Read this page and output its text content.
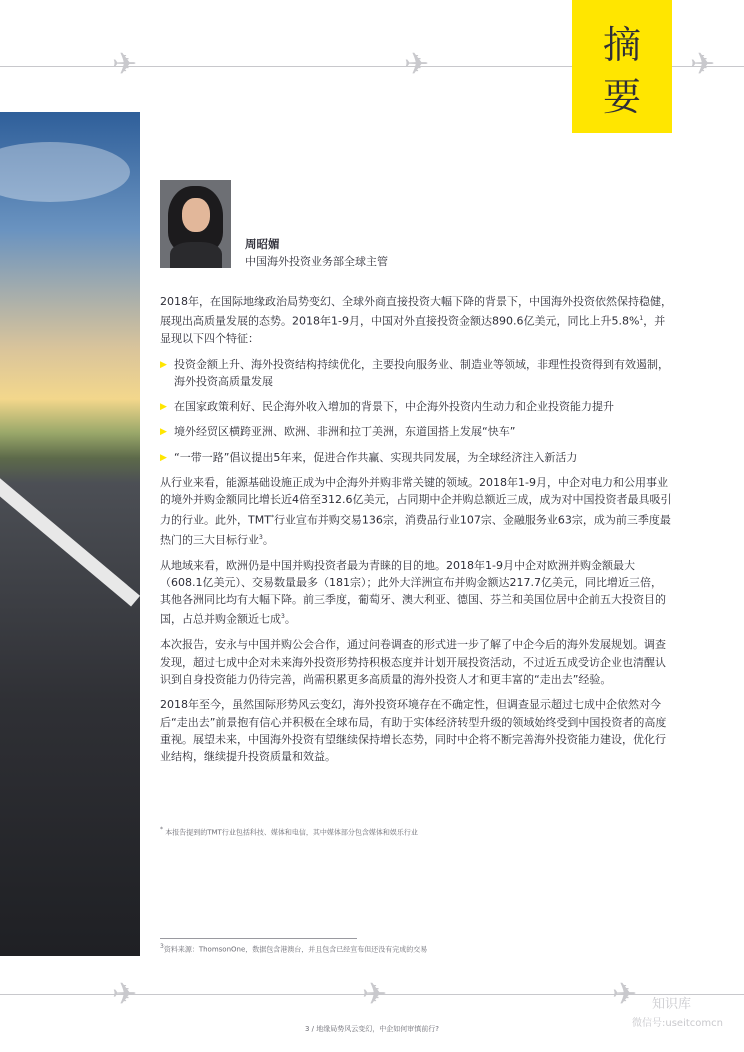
✈	✈	✈
摘
要
周昭媚
中国海外投资业务部全球主管

2018年，在国际地缘政治局势变幻、全球外商直接投资大幅下降的背景下，中国海外投资依然保持稳健，展现出高质量发展的态势。2018年1-9月，中国对外直接投资金额达890.6亿美元，同比上升5.8%$^1$，并显现以下四个特征：

▶ 投资金额上升、海外投资结构持续优化，主要投向服务业、制造业等领域，非理性投资得到有效遏制，海外投资高质量发展
▶ 在国家政策利好、民企海外收入增加的背景下，中企海外投资内生动力和企业投资能力提升
▶ 境外经贸区横跨亚洲、欧洲、非洲和拉丁美洲，东道国搭上发展“快车”
▶ “一带一路”倡议提出5年来，促进合作共赢、实现共同发展，为全球经济注入新活力

从行业来看，能源基础设施正成为中企海外并购非常关键的领域。2018年1-9月，中企对电力和公用事业的境外并购金额同比增长近4倍至312.6亿美元，占同期中企并购总额近三成，成为对中国投资者最具吸引力的行业。此外，TMT*行业宣布并购交易136宗，消费品行业107宗、金融服务业63宗，成为前三季度最热门的三大目标行业$^3$。

从地域来看，欧洲仍是中国并购投资者最为青睐的目的地。2018年1-9月中企对欧洲并购金额最大（608.1亿美元）、交易数量最多（181宗）；此外大洋洲宣布并购金额达217.7亿美元，同比增近三倍，其他各洲同比均有大幅下降。前三季度，葡萄牙、澳大利亚、德国、芬兰和美国位居中企前五大投资目的国，占总并购金额近七成$^3$。

本次报告，安永与中国并购公会合作，通过问卷调查的形式进一步了解了中企今后的海外发展规划。调查发现，超过七成中企对未来海外投资形势持积极态度并计划开展投资活动，不过近五成受访企业也清醒认识到自身投资能力仍待完善，尚需积累更多高质量的海外投资人才和更丰富的“走出去”经验。

2018年至今，虽然国际形势风云变幻，海外投资环境存在不确定性，但调查显示超过七成中企依然对今后“走出去”前景抱有信心并积极在全球布局，有助于实体经济转型升级的领域始终受到中国投资者的高度重视。展望未来，中国海外投资有望继续保持增长态势，同时中企将不断完善海外投资能力建设，优化行业结构，继续提升投资质量和效益。

* 本报告提到的TMT行业包括科技、媒体和电信，其中媒体部分包含媒体和娱乐行业
$^3$资料来源：ThomsonOne，数据包含港澳台，并且包含已经宣布但还没有完成的交易
✈	✈	✈ 知识库
微信号:useitcomcn
3 / 地缘局势风云变幻，中企如何审慎前行?
